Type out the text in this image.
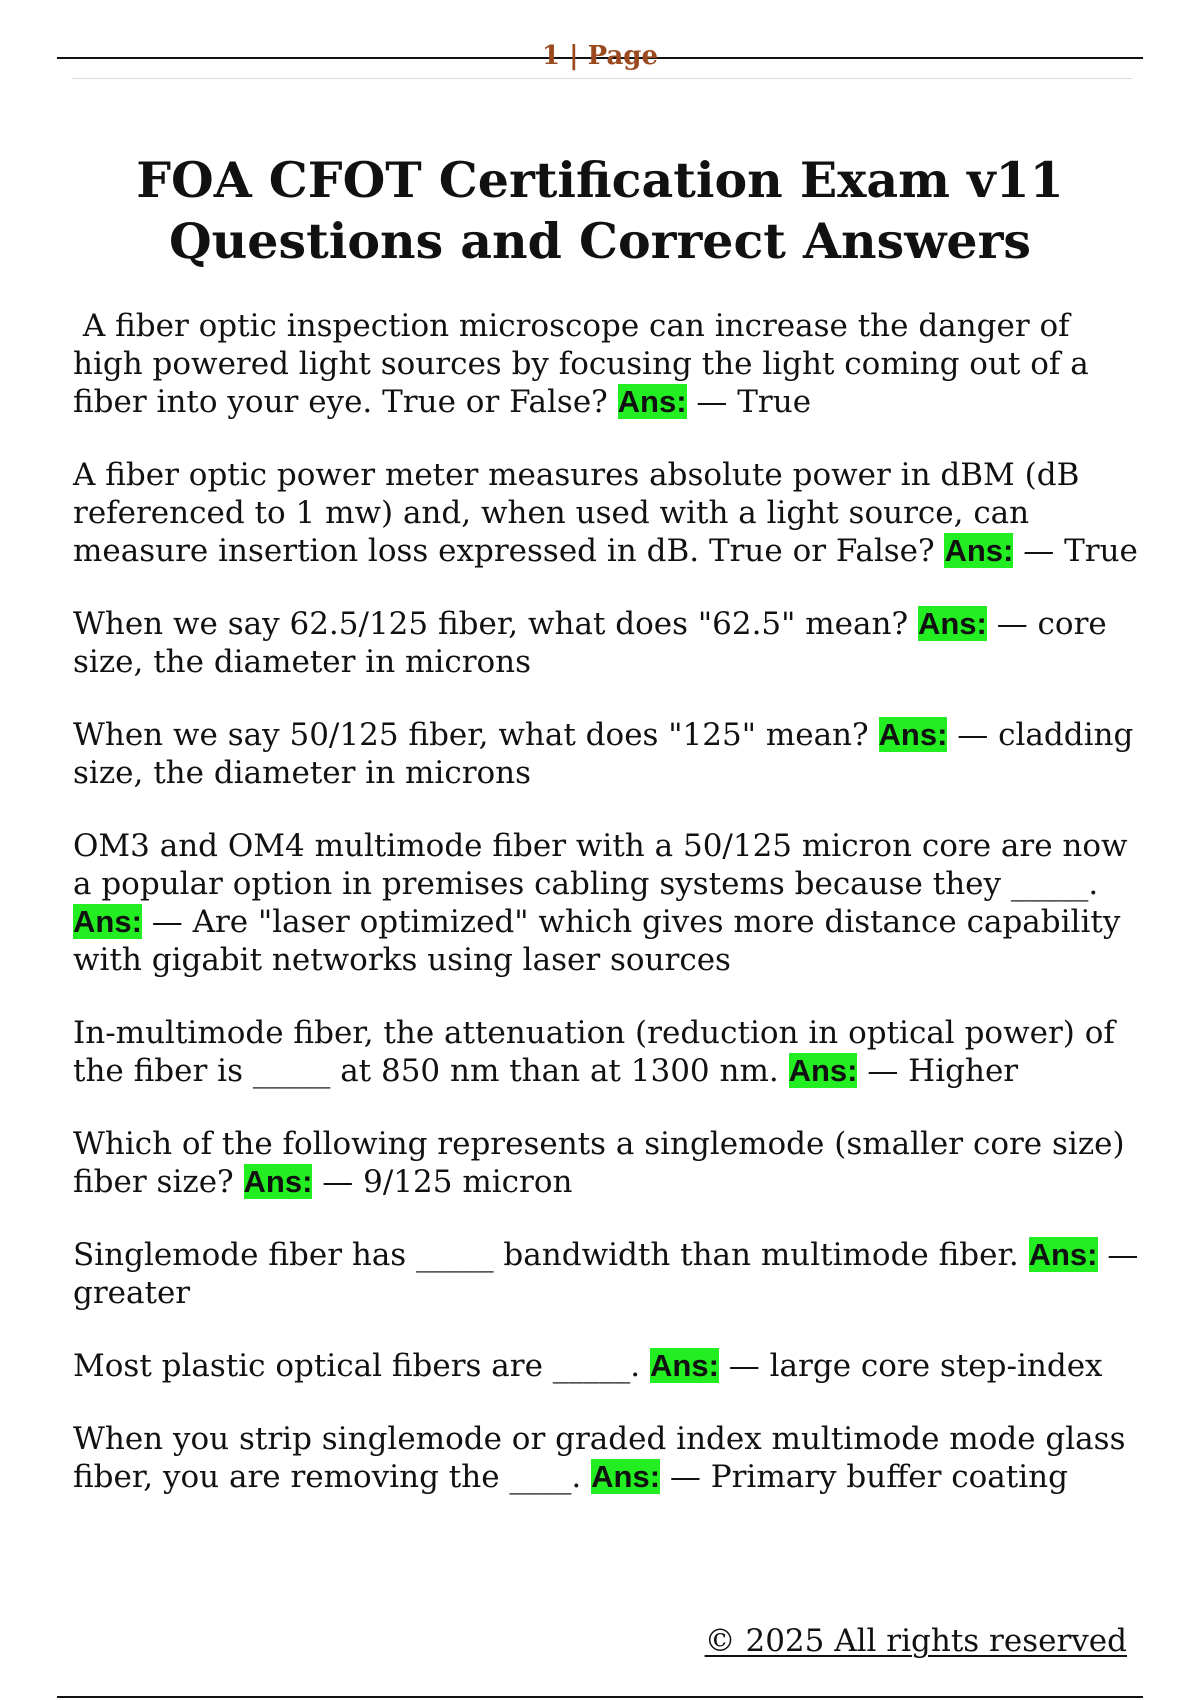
1 | Page
FOA CFOT Certification Exam v11
Questions and Correct Answers

A fiber optic inspection microscope can increase the danger of high powered light sources by focusing the light coming out of a fiber into your eye. True or False? Ans: — True

A fiber optic power meter measures absolute power in dBM (dB referenced to 1 mw) and, when used with a light source, can measure insertion loss expressed in dB. True or False? Ans: — True

When we say 62.5/125 fiber, what does "62.5" mean? Ans: — core size, the diameter in microns

When we say 50/125 fiber, what does "125" mean? Ans: — cladding size, the diameter in microns

OM3 and OM4 multimode fiber with a 50/125 micron core are now a popular option in premises cabling systems because they _____. Ans: — Are "laser optimized" which gives more distance capability with gigabit networks using laser sources

In-multimode fiber, the attenuation (reduction in optical power) of the fiber is _____ at 850 nm than at 1300 nm. Ans: — Higher

Which of the following represents a singlemode (smaller core size) fiber size? Ans: — 9/125 micron

Singlemode fiber has _____ bandwidth than multimode fiber. Ans: — greater

Most plastic optical fibers are _____. Ans: — large core step-index

When you strip singlemode or graded index multimode mode glass fiber, you are removing the ____. Ans: — Primary buffer coating

© 2025 All rights reserved
